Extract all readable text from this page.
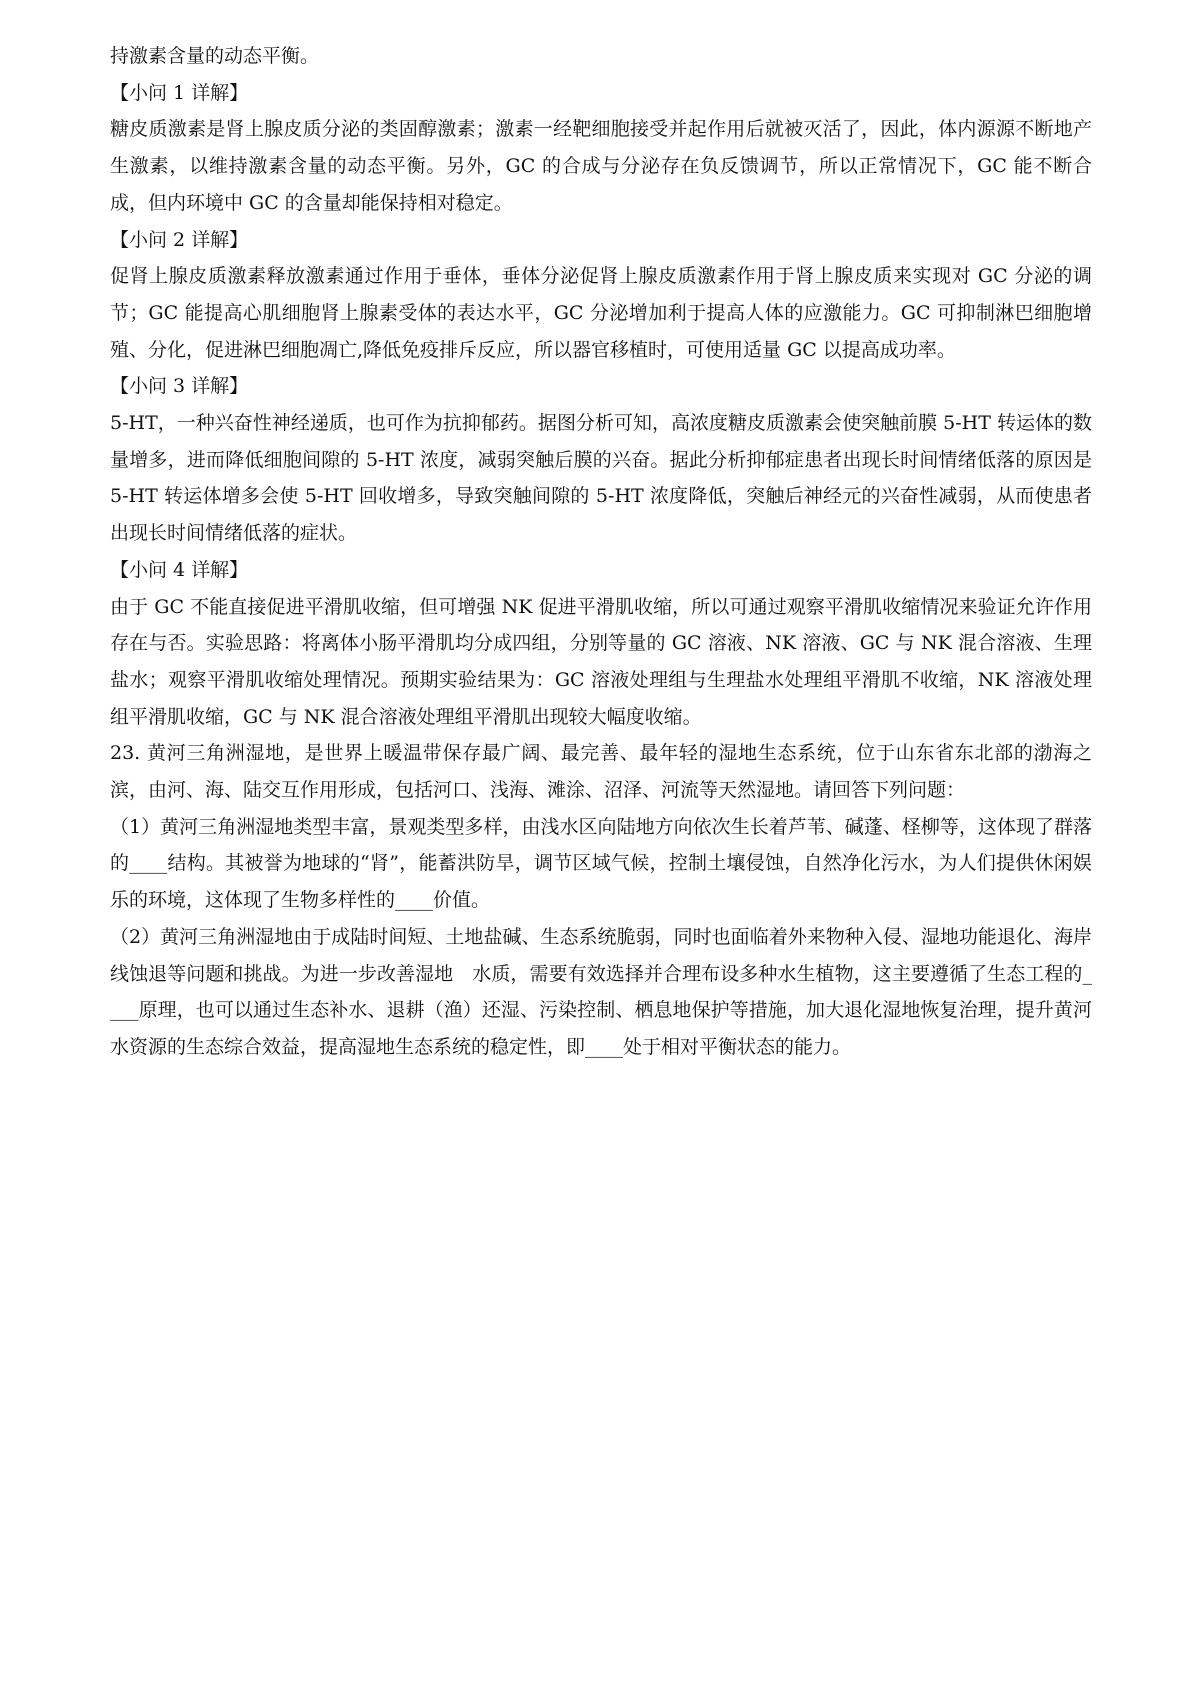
持激素含量的动态平衡。

【小问 1 详解】

糖皮质激素是肾上腺皮质分泌的类固醇激素；激素一经靶细胞接受并起作用后就被灭活了，因此，体内源源不断地产生激素，以维持激素含量的动态平衡。另外，GC 的合成与分泌存在负反馈调节，所以正常情况下，GC 能不断合成，但内环境中 GC 的含量却能保持相对稳定。

【小问 2 详解】

促肾上腺皮质激素释放激素通过作用于垂体，垂体分泌促肾上腺皮质激素作用于肾上腺皮质来实现对 GC 分泌的调节；GC 能提高心肌细胞肾上腺素受体的表达水平，GC 分泌增加利于提高人体的应激能力。GC 可抑制淋巴细胞增殖、分化，促进淋巴细胞凋亡,降低免疫排斥反应，所以器官移植时，可使用适量 GC 以提高成功率。

【小问 3 详解】

5-HT，一种兴奋性神经递质，也可作为抗抑郁药。据图分析可知，高浓度糖皮质激素会使突触前膜 5-HT 转运体的数量增多，进而降低细胞间隙的 5-HT 浓度，减弱突触后膜的兴奋。据此分析抑郁症患者出现长时间情绪低落的原因是 5-HT 转运体增多会使 5-HT 回收增多，导致突触间隙的 5-HT 浓度降低，突触后神经元的兴奋性减弱，从而使患者出现长时间情绪低落的症状。

【小问 4 详解】

由于 GC 不能直接促进平滑肌收缩，但可增强 NK 促进平滑肌收缩，所以可通过观察平滑肌收缩情况来验证允许作用存在与否。实验思路：将离体小肠平滑肌均分成四组，分别等量的 GC 溶液、NK 溶液、GC 与 NK 混合溶液、生理盐水；观察平滑肌收缩处理情况。预期实验结果为：GC 溶液处理组与生理盐水处理组平滑肌不收缩，NK 溶液处理组平滑肌收缩，GC 与 NK 混合溶液处理组平滑肌出现较大幅度收缩。

23. 黄河三角洲湿地，是世界上暖温带保存最广阔、最完善、最年轻的湿地生态系统，位于山东省东北部的渤海之滨，由河、海、陆交互作用形成，包括河口、浅海、滩涂、沼泽、河流等天然湿地。请回答下列问题：

（1）黄河三角洲湿地类型丰富，景观类型多样，由浅水区向陆地方向依次生长着芦苇、碱蓬、柽柳等，这体现了群落的____结构。其被誉为地球的“肾”，能蓄洪防旱，调节区域气候，控制土壤侵蚀，自然净化污水，为人们提供休闲娱乐的环境，这体现了生物多样性的____价值。

（2）黄河三角洲湿地由于成陆时间短、土地盐碱、生态系统脆弱，同时也面临着外来物种入侵、湿地功能退化、海岸线蚀退等问题和挑战。为进一步改善湿地　水质，需要有效选择并合理布设多种水生植物，这主要遵循了生态工程的____原理，也可以通过生态补水、退耕（渔）还湿、污染控制、栖息地保护等措施，加大退化湿地恢复治理，提升黄河水资源的生态综合效益，提高湿地生态系统的稳定性，即____处于相对平衡状态的能力。
